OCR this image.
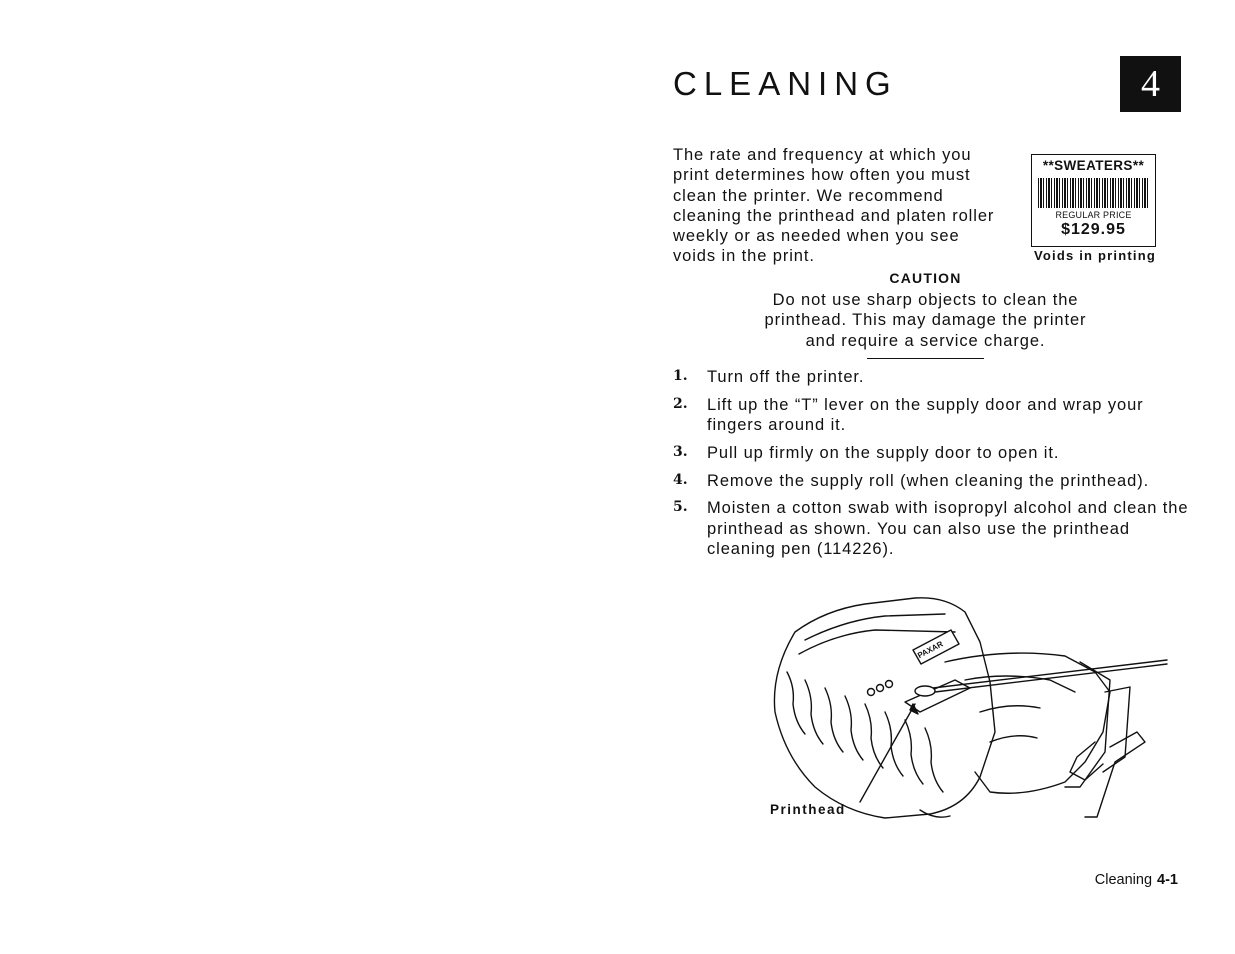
CLEANING	4

The rate and frequency at which you print determines how often you must clean the printer. We recommend cleaning the printhead and platen roller weekly or as needed when you see voids in the print.

**SWEATERS**
REGULAR PRICE
$129.95
Voids in printing
CAUTION

Do not use sharp objects to clean the printhead. This may damage the printer and require a service charge.

1.	Turn off the printer.
2.	Lift up the “T” lever on the supply door and wrap your fingers around it.
3.	Pull up firmly on the supply door to open it.
4.	Remove the supply roll (when cleaning the printhead).
5.	Moisten a cotton swab with isopropyl alcohol and clean the printhead as shown. You can also use the printhead cleaning pen (114226).
PAXAR
Printhead
Cleaning 4-1
